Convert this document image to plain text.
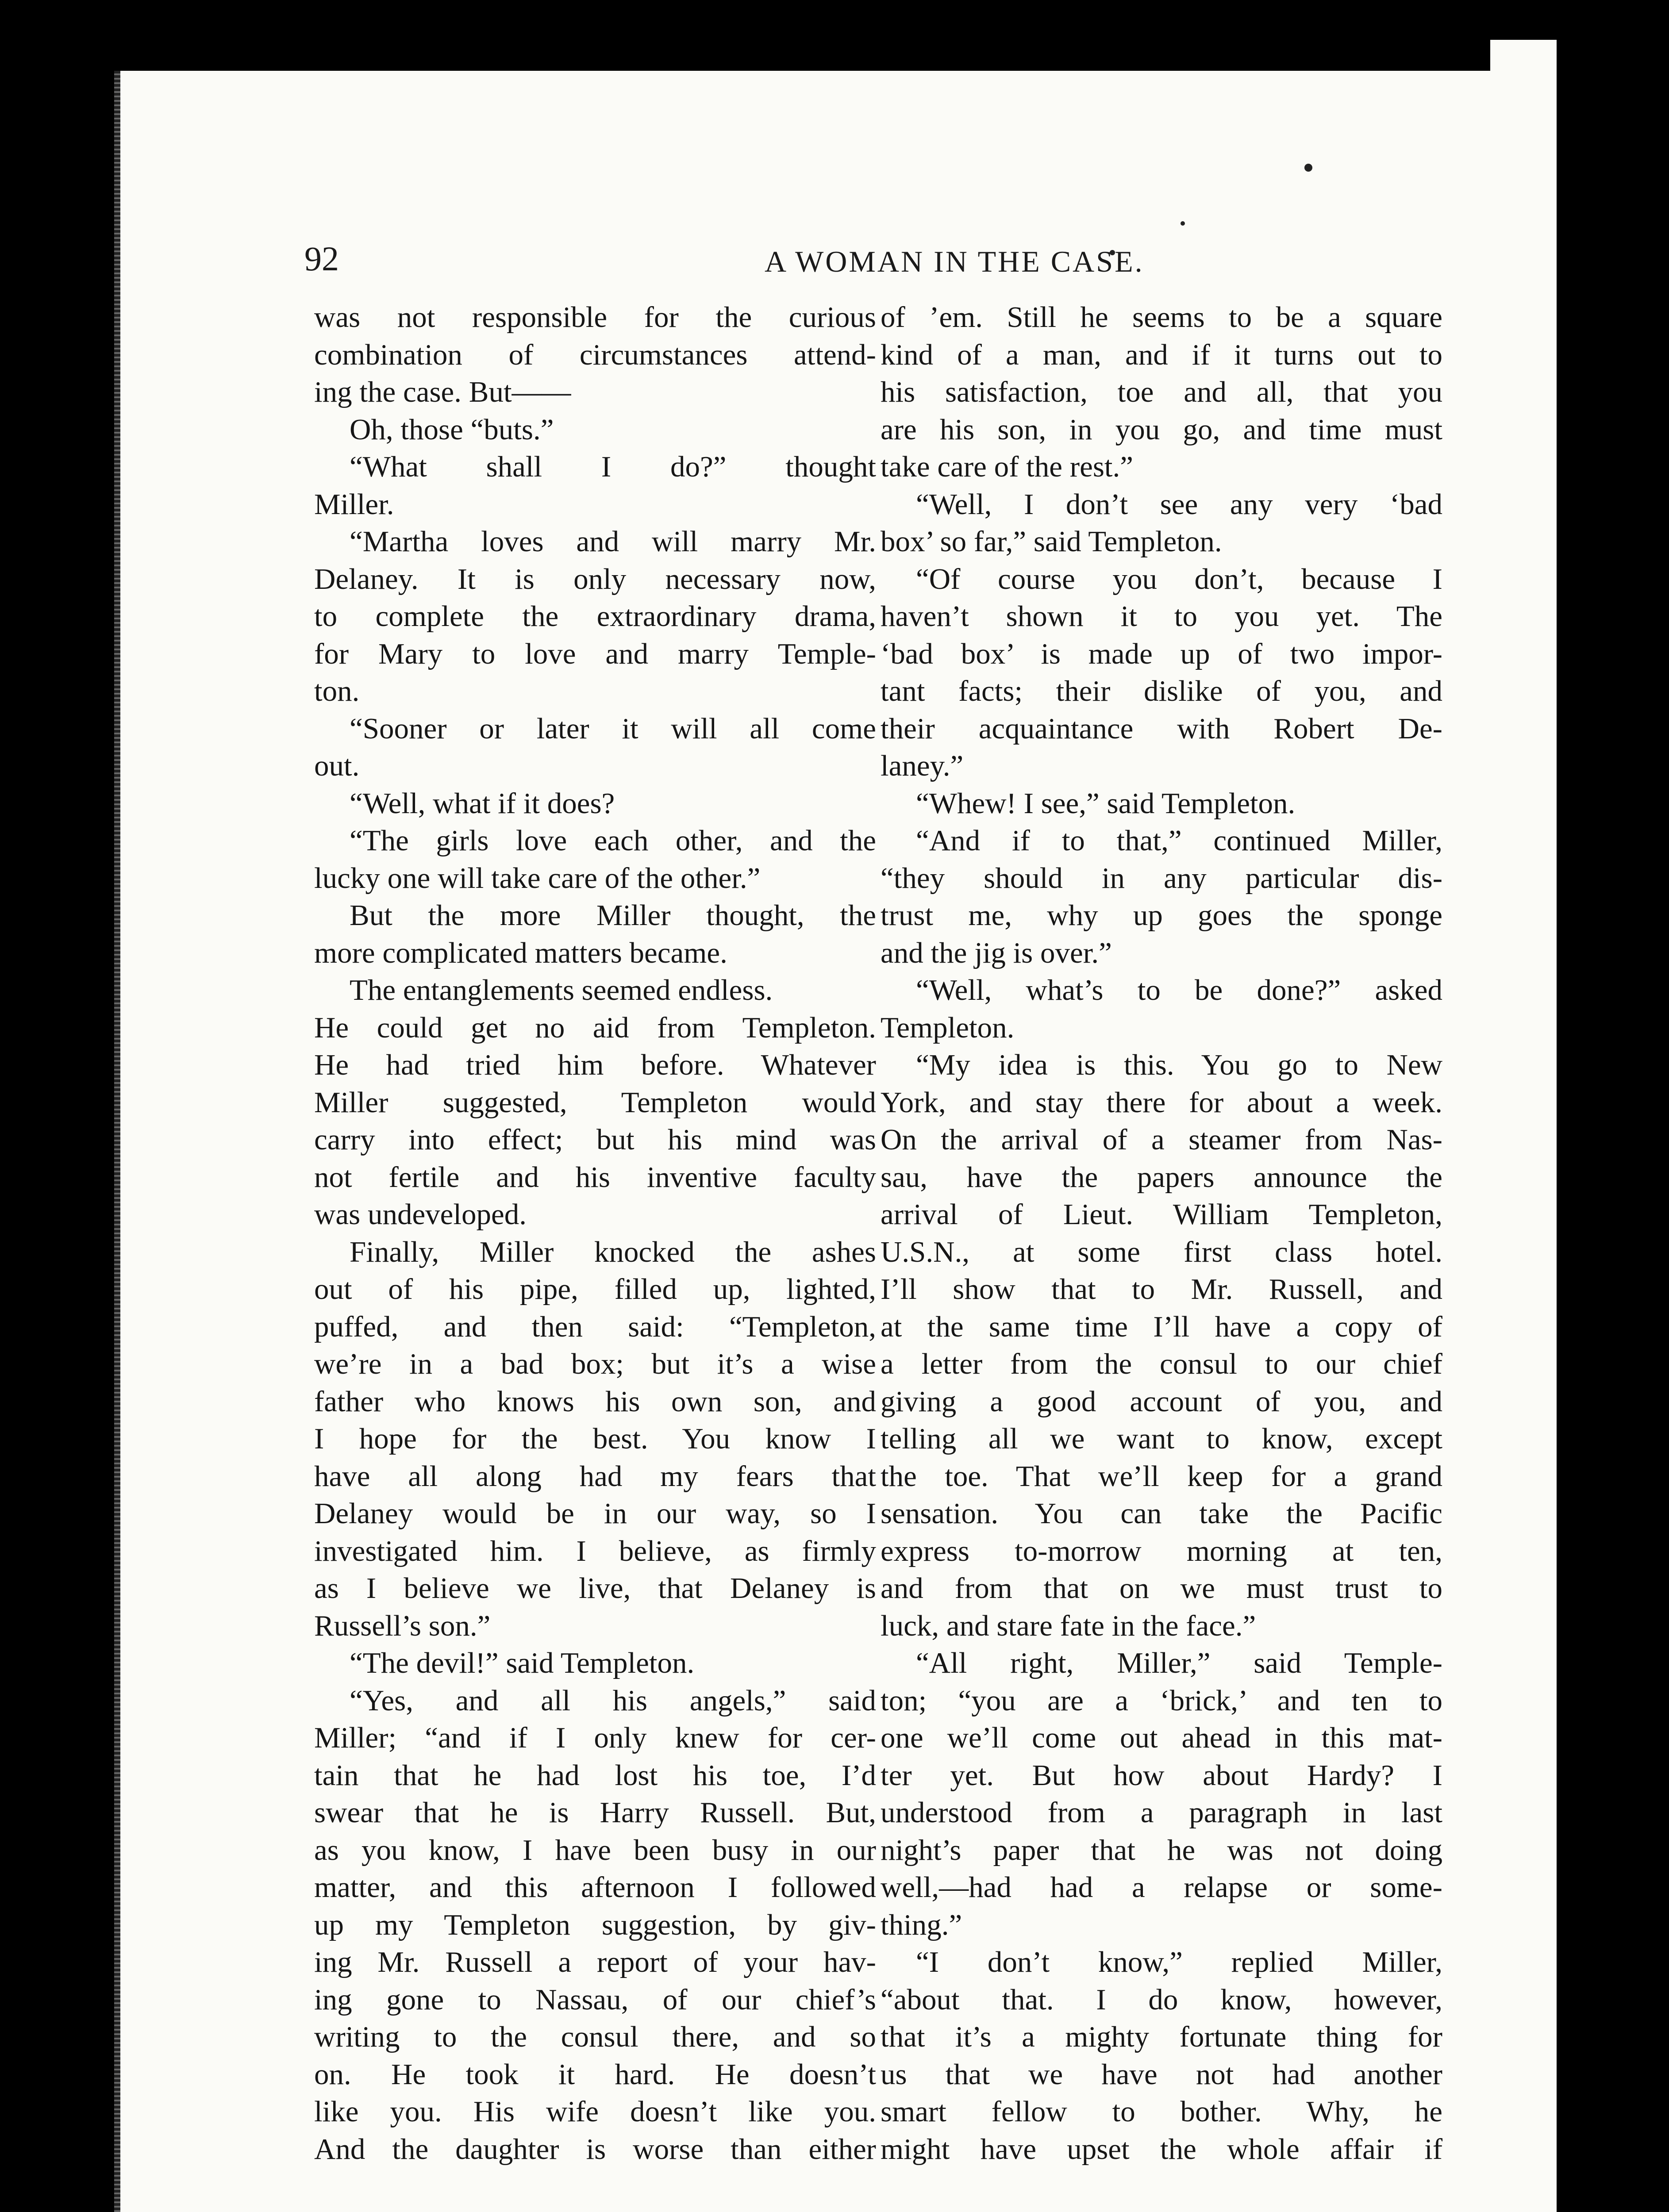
92	A WOMAN IN THE CASE.
was not responsible for the curious
combination of circumstances attend-
ing the case. But——
Oh, those “buts.”
“What shall I do?” thought
Miller.
“Martha loves and will marry Mr.
Delaney. It is only necessary now,
to complete the extraordinary drama,
for Mary to love and marry Temple-
ton.
“Sooner or later it will all come
out.
“Well, what if it does?
“The girls love each other, and the
lucky one will take care of the other.”
But the more Miller thought, the
more complicated matters became.
The entanglements seemed endless.
He could get no aid from Templeton.
He had tried him before. Whatever
Miller suggested, Templeton would
carry into effect; but his mind was
not fertile and his inventive faculty
was undeveloped.
Finally, Miller knocked the ashes
out of his pipe, filled up, lighted,
puffed, and then said: “Templeton,
we’re in a bad box; but it’s a wise
father who knows his own son, and
I hope for the best. You know I
have all along had my fears that
Delaney would be in our way, so I
investigated him. I believe, as firmly
as I believe we live, that Delaney is
Russell’s son.”
“The devil!” said Templeton.
“Yes, and all his angels,” said
Miller; “and if I only knew for cer-
tain that he had lost his toe, I’d
swear that he is Harry Russell. But,
as you know, I have been busy in our
matter, and this afternoon I followed
up my Templeton suggestion, by giv-
ing Mr. Russell a report of your hav-
ing gone to Nassau, of our chief’s
writing to the consul there, and so
on. He took it hard. He doesn’t
like you. His wife doesn’t like you.
And the daughter is worse than either
of ’em. Still he seems to be a square
kind of a man, and if it turns out to
his satisfaction, toe and all, that you
are his son, in you go, and time must
take care of the rest.”
“Well, I don’t see any very ‘bad
box’ so far,” said Templeton.
“Of course you don’t, because I
haven’t shown it to you yet. The
‘bad box’ is made up of two impor-
tant facts; their dislike of you, and
their acquaintance with Robert De-
laney.”
“Whew! I see,” said Templeton.
“And if to that,” continued Miller,
“they should in any particular dis-
trust me, why up goes the sponge
and the jig is over.”
“Well, what’s to be done?” asked
Templeton.
“My idea is this. You go to New
York, and stay there for about a week.
On the arrival of a steamer from Nas-
sau, have the papers announce the
arrival of Lieut. William Templeton,
U.S.N., at some first class hotel.
I’ll show that to Mr. Russell, and
at the same time I’ll have a copy of
a letter from the consul to our chief
giving a good account of you, and
telling all we want to know, except
the toe. That we’ll keep for a grand
sensation. You can take the Pacific
express to-morrow morning at ten,
and from that on we must trust to
luck, and stare fate in the face.”
“All right, Miller,” said Temple-
ton; “you are a ‘brick,’ and ten to
one we’ll come out ahead in this mat-
ter yet. But how about Hardy? I
understood from a paragraph in last
night’s paper that he was not doing
well,—had had a relapse or some-
thing.”
“I don’t know,” replied Miller,
“about that. I do know, however,
that it’s a mighty fortunate thing for
us that we have not had another
smart fellow to bother. Why, he
might have upset the whole affair if
